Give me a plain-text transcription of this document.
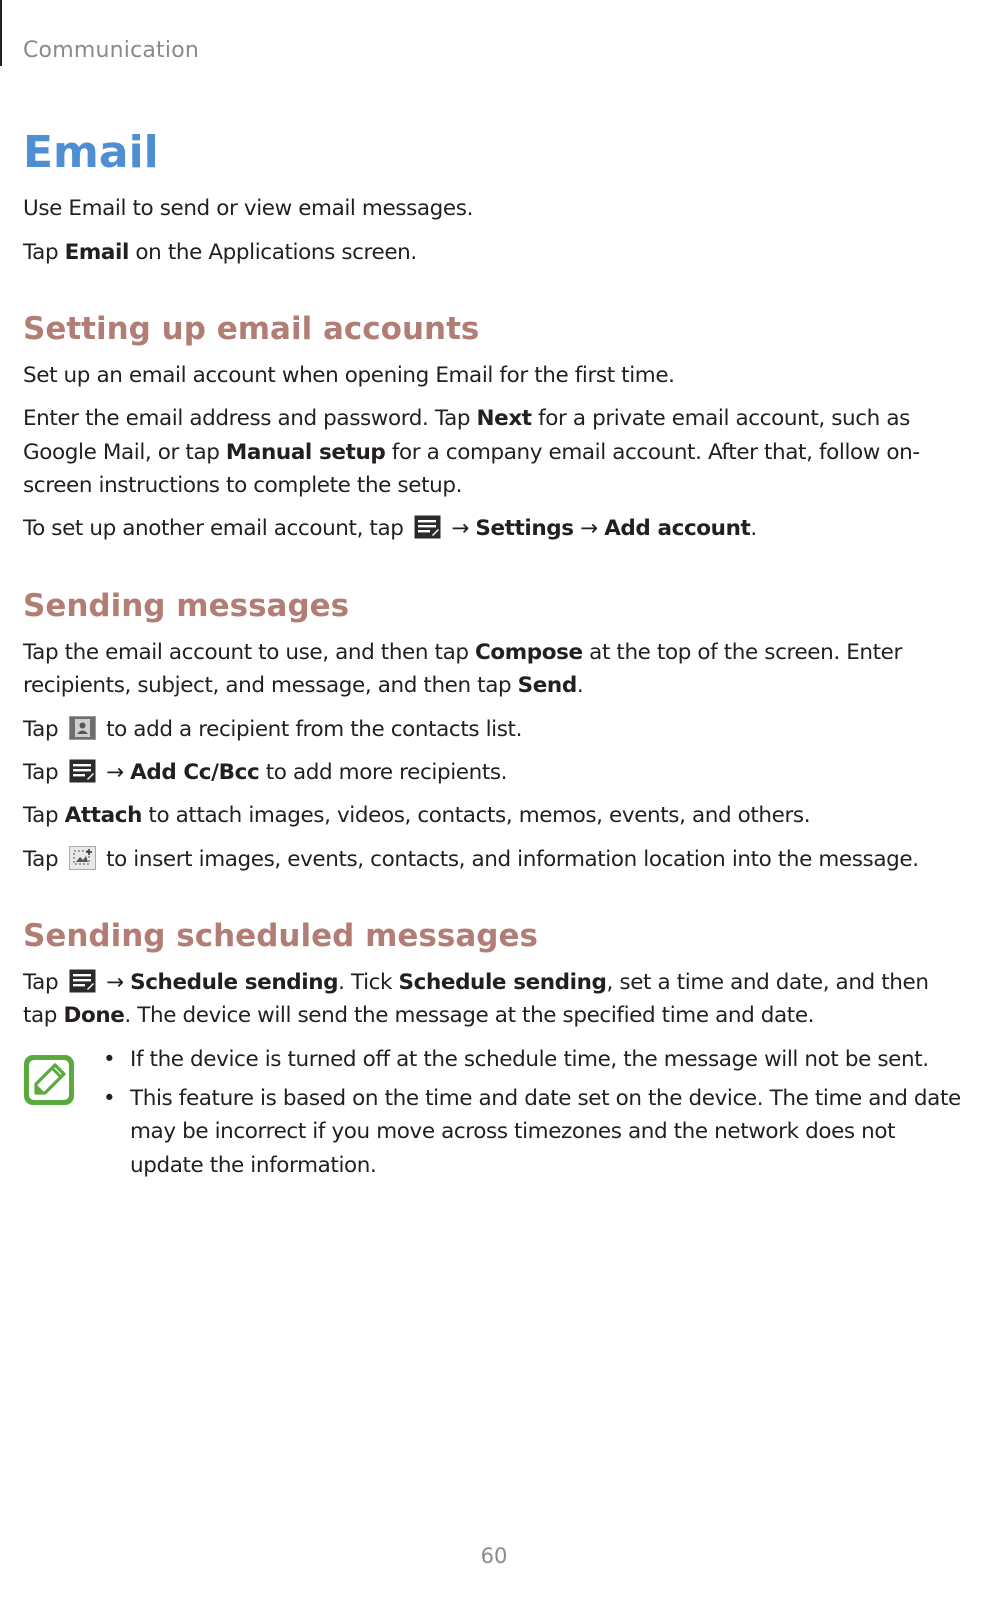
Communication
Email

Use Email to send or view email messages.

Tap Email on the Applications screen.

Setting up email accounts

Set up an email account when opening Email for the first time.

Enter the email address and password. Tap Next for a private email account, such as Google Mail, or tap Manual setup for a company email account. After that, follow on-screen instructions to complete the setup.

To set up another email account, tap  → Settings → Add account.

Sending messages

Tap the email account to use, and then tap Compose at the top of the screen. Enter recipients, subject, and message, and then tap Send.

Tap  to add a recipient from the contacts list.

Tap  → Add Cc/Bcc to add more recipients.

Tap Attach to attach images, videos, contacts, memos, events, and others.

Tap  to insert images, events, contacts, and information location into the message.

Sending scheduled messages

Tap  → Schedule sending. Tick Schedule sending, set a time and date, and then tap Done. The device will send the message at the specified time and date.

• If the device is turned off at the schedule time, the message will not be sent.
• This feature is based on the time and date set on the device. The time and date may be incorrect if you move across timezones and the network does not update the information.
60
